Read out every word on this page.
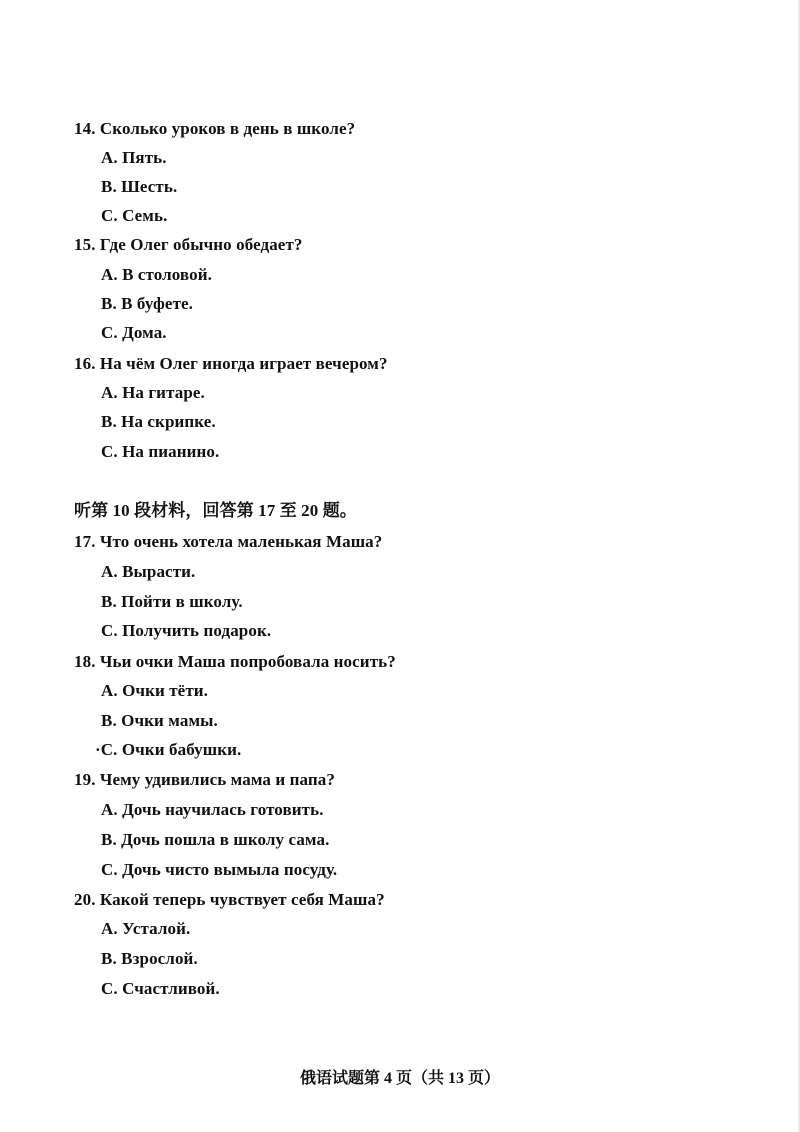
14. Сколько уроков в день в школе?
A. Пять.
B. Шесть.
C. Семь.
15. Где Олег обычно обедает?
A. В столовой.
B. В буфете.
C. Дома.
16. На чём Олег иногда играет вечером?
A. На гитаре.
B. На скрипке.
C. На пианино.
听第 10 段材料，回答第 17 至 20 题。
17. Что очень хотела маленькая Маша?
A. Вырасти.
B. Пойти в школу.
C. Получить подарок.
18. Чьи очки Маша попробовала носить?
A. Очки тёти.
B. Очки мамы.
·C. Очки бабушки.
19. Чему удивились мама и папа?
A. Дочь научилась готовить.
B. Дочь пошла в школу сама.
C. Дочь чисто вымыла посуду.
20. Какой теперь чувствует себя Маша?
A. Усталой.
B. Взрослой.
C. Счастливой.
俄语试题第 4 页（共 13 页）
